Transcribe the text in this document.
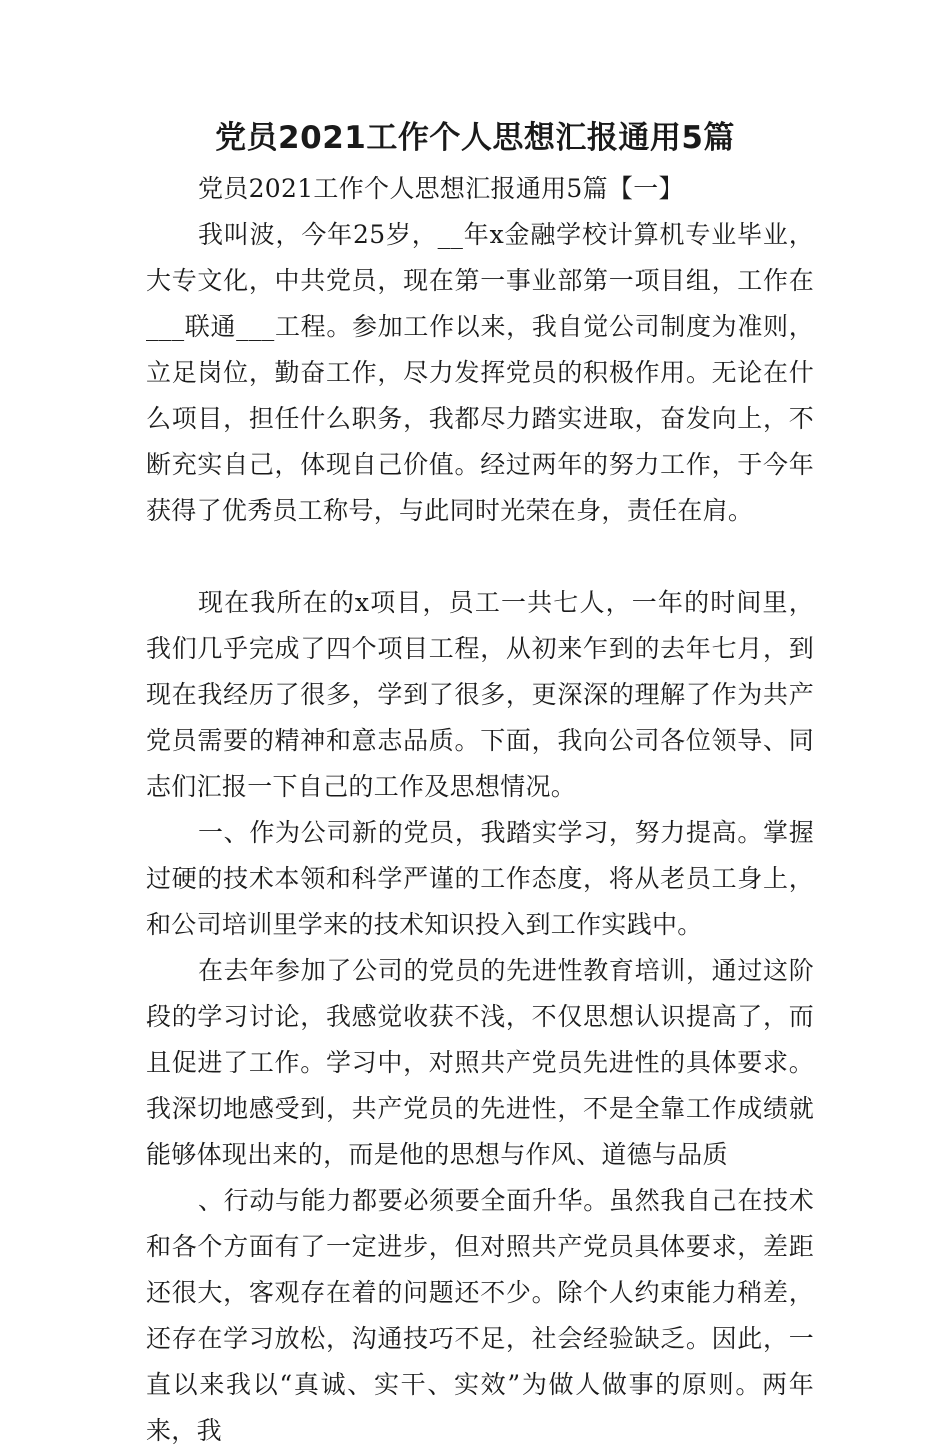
党员2021工作个人思想汇报通用5篇

党员2021工作个人思想汇报通用5篇【一】

我叫波，今年25岁，__年x金融学校计算机专业毕业，大专文化，中共党员，现在第一事业部第一项目组，工作在___联通___工程。参加工作以来，我自觉公司制度为准则，立足岗位，勤奋工作，尽力发挥党员的积极作用。无论在什么项目，担任什么职务，我都尽力踏实进取，奋发向上，不断充实自己，体现自己价值。经过两年的努力工作，于今年获得了优秀员工称号，与此同时光荣在身，责任在肩。

现在我所在的x项目，员工一共七人，一年的时间里，我们几乎完成了四个项目工程，从初来乍到的去年七月，到现在我经历了很多，学到了很多，更深深的理解了作为共产党员需要的精神和意志品质。下面，我向公司各位领导、同志们汇报一下自己的工作及思想情况。

一、作为公司新的党员，我踏实学习，努力提高。掌握过硬的技术本领和科学严谨的工作态度，将从老员工身上，和公司培训里学来的技术知识投入到工作实践中。

在去年参加了公司的党员的先进性教育培训，通过这阶段的学习讨论，我感觉收获不浅，不仅思想认识提高了，而且促进了工作。学习中，对照共产党员先进性的具体要求。我深切地感受到，共产党员的先进性，不是全靠工作成绩就能够体现出来的，而是他的思想与作风、道德与品质

、行动与能力都要必须要全面升华。虽然我自己在技术和各个方面有了一定进步，但对照共产党员具体要求，差距还很大，客观存在着的问题还不少。除个人约束能力稍差，还存在学习放松，沟通技巧不足，社会经验缺乏。因此，一直以来我以“真诚、实干、实效”为做人做事的原则。两年来，我
